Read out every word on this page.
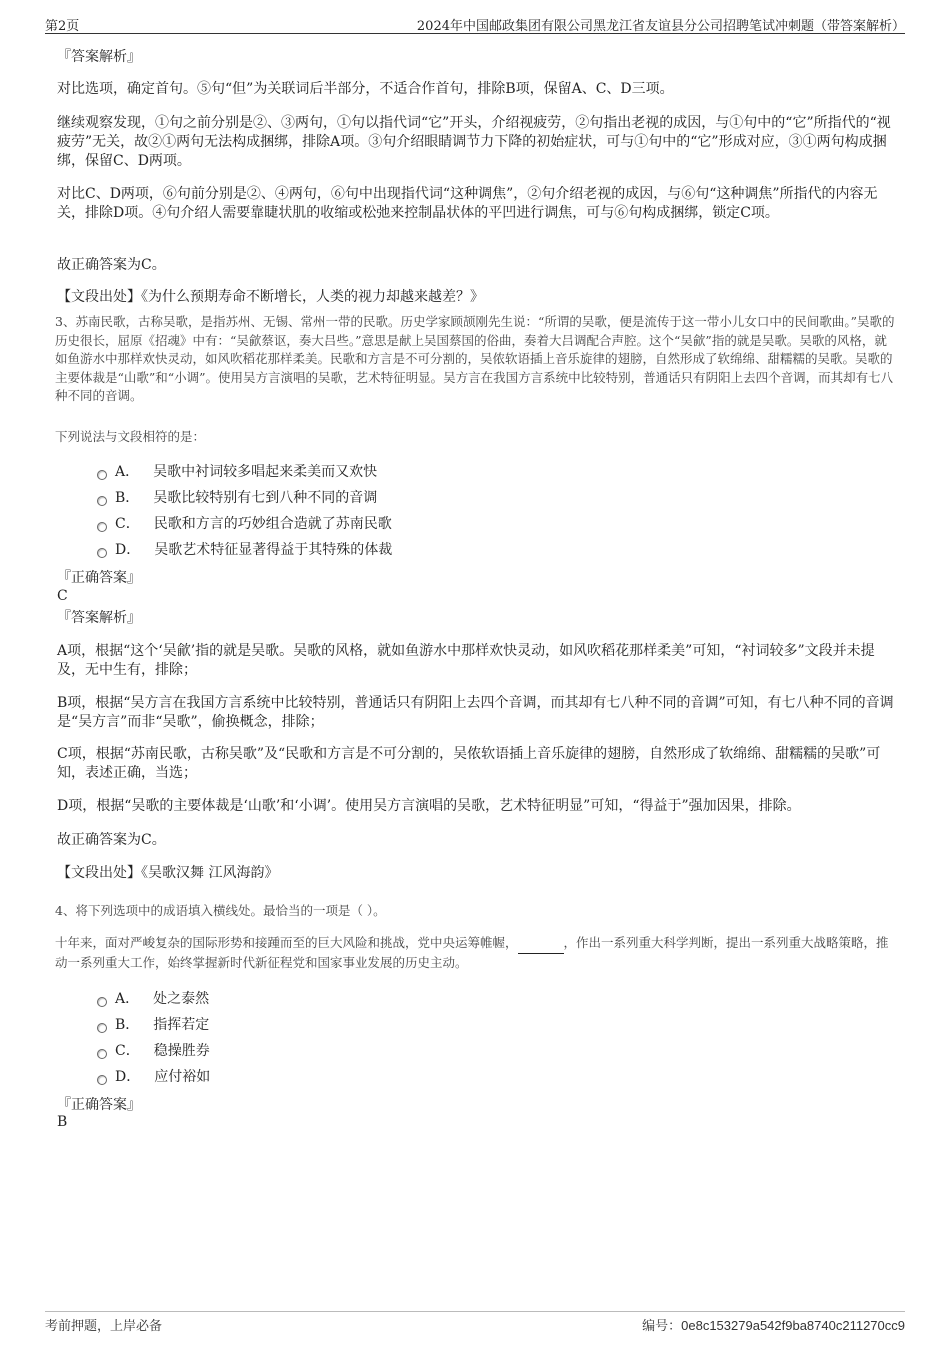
第2页	2024年中国邮政集团有限公司黑龙江省友谊县分公司招聘笔试冲刺题（带答案解析）
『答案解析』
对比选项，确定首句。⑤句“但”为关联词后半部分，不适合作首句，排除B项，保留A、C、D三项。
继续观察发现，①句之前分别是②、③两句，①句以指代词“它”开头，介绍视疲劳，②句指出老视的成因，与①句中的“它”所指代的“视疲劳”无关，故②①两句无法构成捆绑，排除A项。③句介绍眼睛调节力下降的初始症状，可与①句中的“它”形成对应，③①两句构成捆绑，保留C、D两项。
对比C、D两项，⑥句前分别是②、④两句，⑥句中出现指代词“这种调焦”，②句介绍老视的成因，与⑥句“这种调焦”所指代的内容无关，排除D项。④句介绍人需要靠睫状肌的收缩或松弛来控制晶状体的平凹进行调焦，可与⑥句构成捆绑，锁定C项。
故正确答案为C。
【文段出处】《为什么预期寿命不断增长，人类的视力却越来越差？》
3、苏南民歌，古称吴歌，是指苏州、无锡、常州一带的民歌。历史学家顾颉刚先生说：“所谓的吴歌，便是流传于这一带小儿女口中的民间歌曲。”吴歌的历史很长，屈原《招魂》中有：“吴歈蔡讴，奏大吕些。”意思是献上吴国蔡国的俗曲，奏着大吕调配合声腔。这个“吴歈”指的就是吴歌。吴歌的风格，就如鱼游水中那样欢快灵动，如风吹稻花那样柔美。民歌和方言是不可分割的，吴侬软语插上音乐旋律的翅膀，自然形成了软绵绵、甜糯糯的吴歌。吴歌的主要体裁是“山歌”和“小调”。使用吴方言演唱的吴歌，艺术特征明显。吴方言在我国方言系统中比较特别，普通话只有阴阳上去四个音调，而其却有七八种不同的音调。
下列说法与文段相符的是：
A． 吴歌中衬词较多唱起来柔美而又欢快
B． 吴歌比较特别有七到八种不同的音调
C． 民歌和方言的巧妙组合造就了苏南民歌
D． 吴歌艺术特征显著得益于其特殊的体裁
『正确答案』
C
『答案解析』
A项，根据“这个‘吴歈’指的就是吴歌。吴歌的风格，就如鱼游水中那样欢快灵动，如风吹稻花那样柔美”可知，“衬词较多”文段并未提及，无中生有，排除；
B项，根据“吴方言在我国方言系统中比较特别，普通话只有阴阳上去四个音调，而其却有七八种不同的音调”可知，有七八种不同的音调是“吴方言”而非“吴歌”，偷换概念，排除；
C项，根据“苏南民歌，古称吴歌”及“民歌和方言是不可分割的，吴侬软语插上音乐旋律的翅膀，自然形成了软绵绵、甜糯糯的吴歌”可知，表述正确，当选；
D项，根据“吴歌的主要体裁是‘山歌’和‘小调’。使用吴方言演唱的吴歌，艺术特征明显”可知，“得益于”强加因果，排除。
故正确答案为C。
【文段出处】《吴歌汉舞 江风海韵》
4、将下列选项中的成语填入横线处。最恰当的一项是（ ）。
十年来，面对严峻复杂的国际形势和接踵而至的巨大风险和挑战，党中央运筹帷幄，	，作出一系列重大科学判断，提出一系列重大战略策略，推动一系列重大工作，始终掌握新时代新征程党和国家事业发展的历史主动。
A． 处之泰然
B． 指挥若定
C． 稳操胜券
D． 应付裕如
『正确答案』
B
考前押题，上岸必备	编号：0e8c153279a542f9ba8740c211270cc9
